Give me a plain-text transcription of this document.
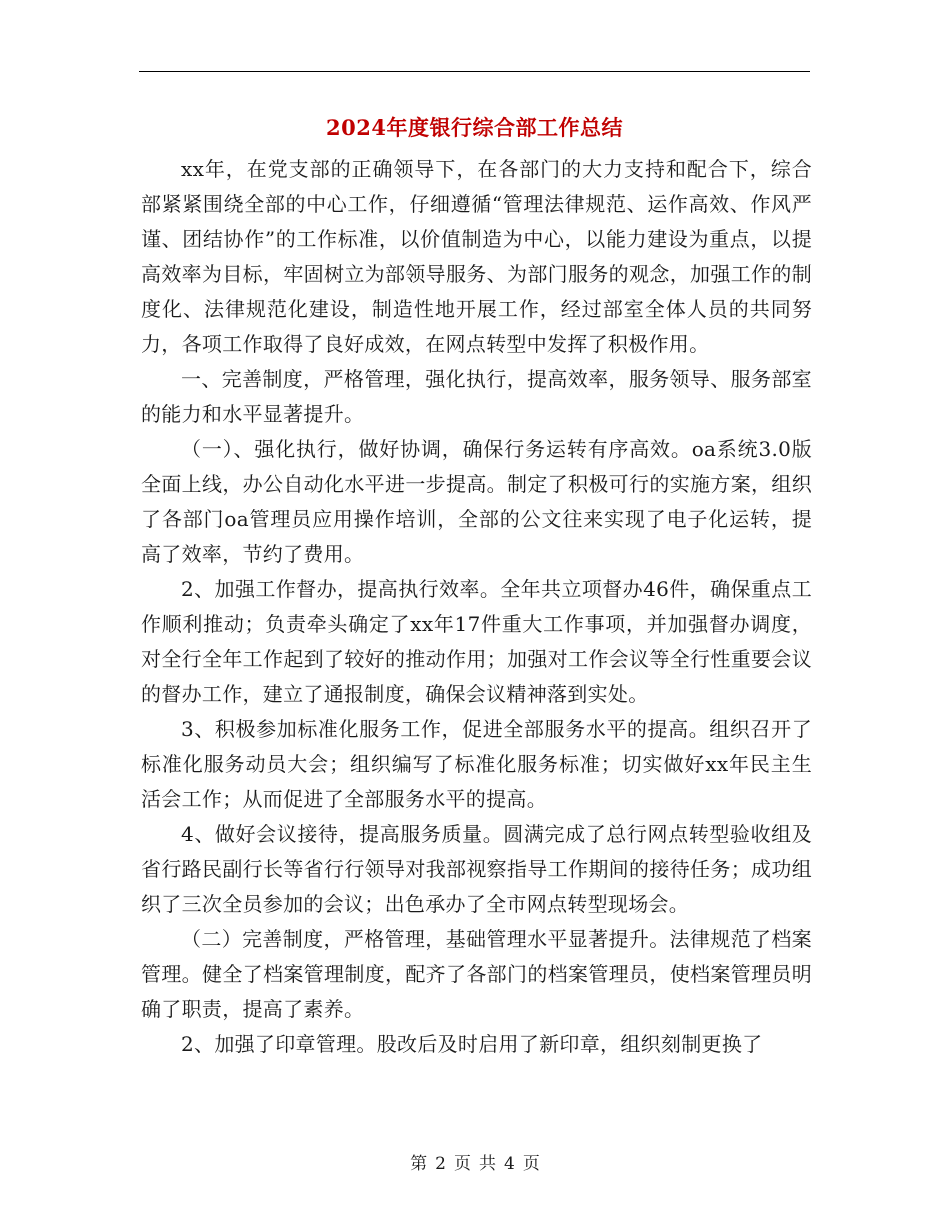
2024年度银行综合部工作总结

xx年，在党支部的正确领导下，在各部门的大力支持和配合下，综合部紧紧围绕全部的中心工作，仔细遵循“管理法律规范、运作高效、作风严谨、团结协作”的工作标准，以价值制造为中心，以能力建设为重点，以提高效率为目标，牢固树立为部领导服务、为部门服务的观念，加强工作的制度化、法律规范化建设，制造性地开展工作，经过部室全体人员的共同努力，各项工作取得了良好成效，在网点转型中发挥了积极作用。

一、完善制度，严格管理，强化执行，提高效率，服务领导、服务部室的能力和水平显著提升。

（一）、强化执行，做好协调，确保行务运转有序高效。oa系统3.0版全面上线，办公自动化水平进一步提高。制定了积极可行的实施方案，组织了各部门oa管理员应用操作培训，全部的公文往来实现了电子化运转，提高了效率，节约了费用。

2、加强工作督办，提高执行效率。全年共立项督办46件，确保重点工作顺利推动；负责牵头确定了xx年17件重大工作事项，并加强督办调度，对全行全年工作起到了较好的推动作用；加强对工作会议等全行性重要会议的督办工作，建立了通报制度，确保会议精神落到实处。

3、积极参加标准化服务工作，促进全部服务水平的提高。组织召开了标准化服务动员大会；组织编写了标准化服务标准；切实做好xx年民主生活会工作；从而促进了全部服务水平的提高。

4、做好会议接待，提高服务质量。圆满完成了总行网点转型验收组及省行路民副行长等省行行领导对我部视察指导工作期间的接待任务；成功组织了三次全员参加的会议；出色承办了全市网点转型现场会。

（二）完善制度，严格管理，基础管理水平显著提升。法律规范了档案管理。健全了档案管理制度，配齐了各部门的档案管理员，使档案管理员明确了职责，提高了素养。

2、加强了印章管理。股改后及时启用了新印章，组织刻制更换了

第 2 页 共 4 页
